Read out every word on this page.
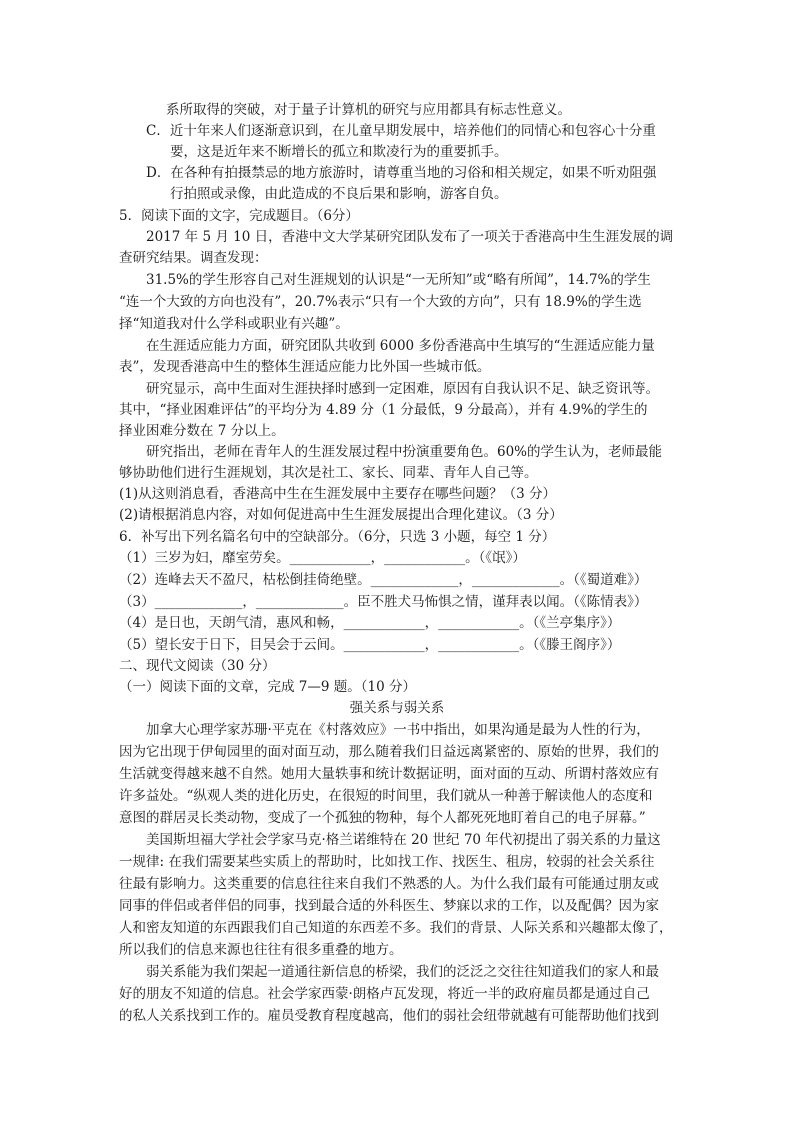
系所取得的突破，对于量子计算机的研究与应用都具有标志性意义。
C．近十年来人们逐渐意识到，在儿童早期发展中，培养他们的同情心和包容心十分重
要，这是近年来不断增长的孤立和欺凌行为的重要抓手。
D．在各种有拍摄禁忌的地方旅游时，请尊重当地的习俗和相关规定，如果不听劝阻强
行拍照或录像，由此造成的不良后果和影响，游客自负。
5．阅读下面的文字，完成题目。（6分）
2017 年 5 月 10 日，香港中文大学某研究团队发布了一项关于香港高中生生涯发展的调
查研究结果。调查发现：
31.5%的学生形容自己对生涯规划的认识是“一无所知”或“略有所闻”，14.7%的学生
“连一个大致的方向也没有”，20.7%表示“只有一个大致的方向”，只有 18.9%的学生选
择“知道我对什么学科或职业有兴趣”。
在生涯适应能力方面，研究团队共收到 6000 多份香港高中生填写的“生涯适应能力量
表”，发现香港高中生的整体生涯适应能力比外国一些城市低。
研究显示，高中生面对生涯抉择时感到一定困难，原因有自我认识不足、缺乏资讯等。
其中，“择业困难评估”的平均分为 4.89 分（1 分最低，9 分最高），并有 4.9%的学生的
择业困难分数在 7 分以上。
研究指出，老师在青年人的生涯发展过程中扮演重要角色。60%的学生认为，老师最能
够协助他们进行生涯规划，其次是社工、家长、同辈、青年人自己等。
(1)从这则消息看，香港高中生在生涯发展中主要存在哪些问题？（3 分）
(2)请根据消息内容，对如何促进高中生生涯发展提出合理化建议。（3 分）
6．补写出下列名篇名句中的空缺部分。（6分，只选 3 小题，每空 1 分）
（1）三岁为妇，靡室劳矣。____________，____________。（《氓》）
（2）连峰去天不盈尺，枯松倒挂倚绝壁。_____________，_____________。（《蜀道难》）
（3）_____________，_____________。臣不胜犬马怖惧之情，谨拜表以闻。（《陈情表》）
（4）是日也，天朗气清，惠风和畅，____________，____________。（《兰亭集序》）
（5）望长安于日下，目吴会于云间。____________，____________。（《滕王阁序》）
二、现代文阅读（30 分）
（一）阅读下面的文章，完成 7—9 题。（10 分）
强关系与弱关系
加拿大心理学家苏珊·平克在《村落效应》一书中指出，如果沟通是最为人性的行为，
因为它出现于伊甸园里的面对面互动，那么随着我们日益远离紧密的、原始的世界，我们的
生活就变得越来越不自然。她用大量轶事和统计数据证明，面对面的互动、所谓村落效应有
许多益处。“纵观人类的进化历史，在很短的时间里，我们就从一种善于解读他人的态度和
意图的群居灵长类动物，变成了一个孤独的物种，每个人都死死地盯着自己的电子屏幕。”
美国斯坦福大学社会学家马克·格兰诺维特在 20 世纪 70 年代初提出了弱关系的力量这
一规律: 在我们需要某些实质上的帮助时，比如找工作、找医生、租房，较弱的社会关系往
往最有影响力。这类重要的信息往往来自我们不熟悉的人。为什么我们最有可能通过朋友或
同事的伴侣或者伴侣的同事，找到最合适的外科医生、梦寐以求的工作，以及配偶？因为家
人和密友知道的东西跟我们自己知道的东西差不多。我们的背景、人际关系和兴趣都太像了，
所以我们的信息来源也往往有很多重叠的地方。
弱关系能为我们架起一道通往新信息的桥梁，我们的泛泛之交往往知道我们的家人和最
好的朋友不知道的信息。社会学家西蒙·朗格卢瓦发现，将近一半的政府雇员都是通过自己
的私人关系找到工作的。雇员受教育程度越高，他们的弱社会纽带就越有可能帮助他们找到
